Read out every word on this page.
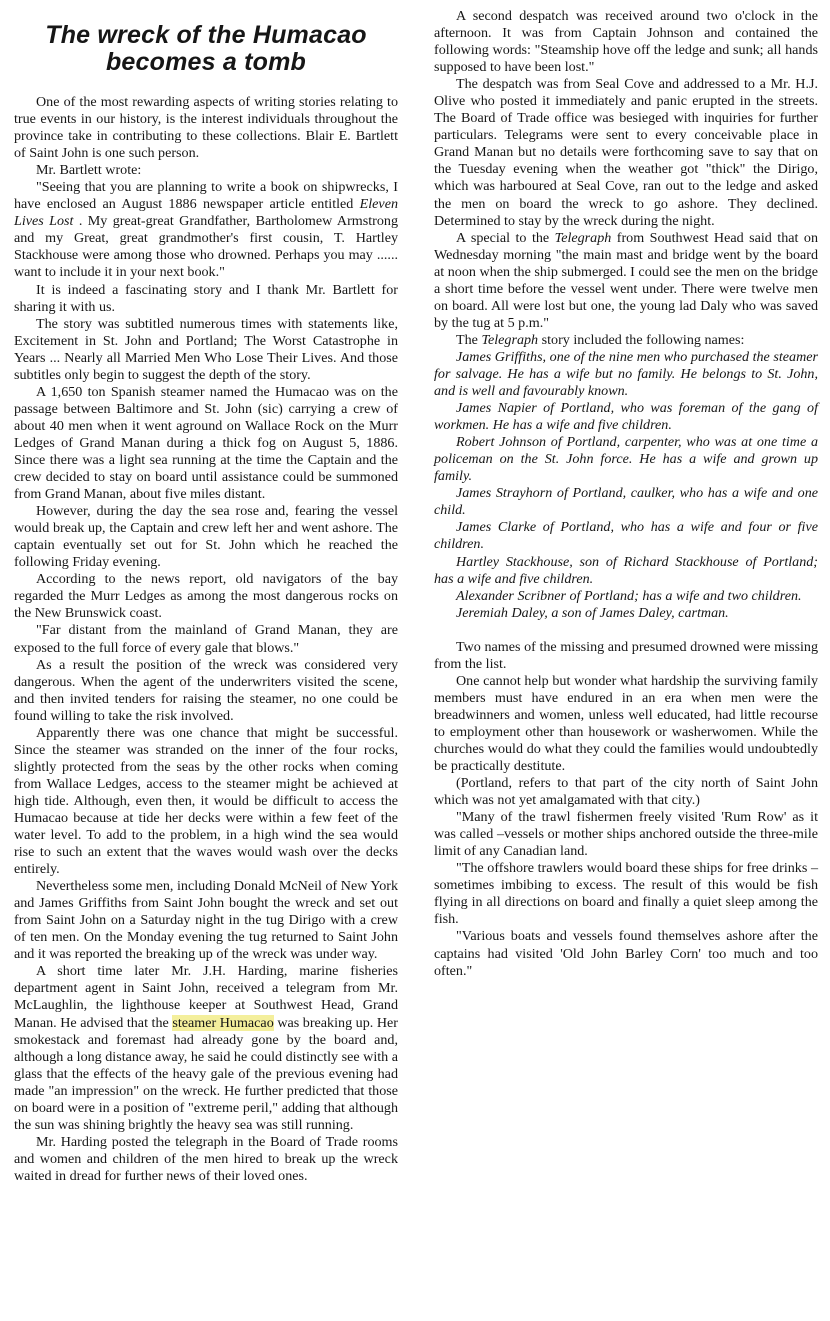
The wreck of the Humacao
becomes a tomb

One of the most rewarding aspects of writing stories relating to true events in our history, is the interest individuals throughout the province take in contributing to these collections. Blair E. Bartlett of Saint John is one such person.

Mr. Bartlett wrote:

"Seeing that you are planning to write a book on shipwrecks, I have enclosed an August 1886 newspaper article entitled Eleven Lives Lost . My great-great Grandfather, Bartholomew Armstrong and my Great, great grandmother's first cousin, T. Hartley Stackhouse were among those who drowned. Perhaps you may ...... want to include it in your next book."

It is indeed a fascinating story and I thank Mr. Bartlett for sharing it with us.

The story was subtitled numerous times with statements like, Excitement in St. John and Portland; The Worst Catastrophe in Years ... Nearly all Married Men Who Lose Their Lives. And those subtitles only begin to suggest the depth of the story.

A 1,650 ton Spanish steamer named the Humacao was on the passage between Baltimore and St. John (sic) carrying a crew of about 40 men when it went aground on Wallace Rock on the Murr Ledges of Grand Manan during a thick fog on August 5, 1886. Since there was a light sea running at the time the Captain and the crew decided to stay on board until assistance could be summoned from Grand Manan, about five miles distant.

However, during the day the sea rose and, fearing the vessel would break up, the Captain and crew left her and went ashore. The captain eventually set out for St. John which he reached the following Friday evening.

According to the news report, old navigators of the bay regarded the Murr Ledges as among the most dangerous rocks on the New Brunswick coast.

"Far distant from the mainland of Grand Manan, they are exposed to the full force of every gale that blows."

As a result the position of the wreck was considered very dangerous. When the agent of the underwriters visited the scene, and then invited tenders for raising the steamer, no one could be found willing to take the risk involved.

Apparently there was one chance that might be successful. Since the steamer was stranded on the inner of the four rocks, slightly protected from the seas by the other rocks when coming from Wallace Ledges, access to the steamer might be achieved at high tide. Although, even then, it would be difficult to access the Humacao because at tide her decks were within a few feet of the water level. To add to the problem, in a high wind the sea would rise to such an extent that the waves would wash over the decks entirely.

Nevertheless some men, including Donald McNeil of New York and James Griffiths from Saint John bought the wreck and set out from Saint John on a Saturday night in the tug Dirigo with a crew of ten men. On the Monday evening the tug returned to Saint John and it was reported the breaking up of the wreck was under way.

A short time later Mr. J.H. Harding, marine fisheries department agent in Saint John, received a telegram from Mr. McLaughlin, the lighthouse keeper at Southwest Head, Grand Manan. He advised that the steamer Humacao was breaking up. Her smokestack and foremast had already gone by the board and, although a long distance away, he said he could distinctly see with a glass that the effects of the heavy gale of the previous evening had made "an impression" on the wreck. He further predicted that those on board were in a position of "extreme peril," adding that although the sun was shining brightly the heavy sea was still running.

Mr. Harding posted the telegraph in the Board of Trade rooms and women and children of the men hired to break up the wreck waited in dread for further news of their loved ones.

A second despatch was received around two o'clock in the afternoon. It was from Captain Johnson and contained the following words: "Steamship hove off the ledge and sunk; all hands supposed to have been lost."

The despatch was from Seal Cove and addressed to a Mr. H.J. Olive who posted it immediately and panic erupted in the streets. The Board of Trade office was besieged with inquiries for further particulars. Telegrams were sent to every conceivable place in Grand Manan but no details were forthcoming save to say that on the Tuesday evening when the weather got "thick" the Dirigo, which was harboured at Seal Cove, ran out to the ledge and asked the men on board the wreck to go ashore. They declined. Determined to stay by the wreck during the night.

A special to the Telegraph from Southwest Head said that on Wednesday morning "the main mast and bridge went by the board at noon when the ship submerged. I could see the men on the bridge a short time before the vessel went under. There were twelve men on board. All were lost but one, the young lad Daly who was saved by the tug at 5 p.m."

The Telegraph story included the following names:

James Griffiths, one of the nine men who purchased the steamer for salvage. He has a wife but no family. He belongs to St. John, and is well and favourably known.

James Napier of Portland, who was foreman of the gang of workmen. He has a wife and five children.

Robert Johnson of Portland, carpenter, who was at one time a policeman on the St. John force. He has a wife and grown up family.

James Strayhorn of Portland, caulker, who has a wife and one child.

James Clarke of Portland, who has a wife and four or five children.

Hartley Stackhouse, son of Richard Stackhouse of Portland; has a wife and five children.

Alexander Scribner of Portland; has a wife and two children.

Jeremiah Daley, a son of James Daley, cartman.

Two names of the missing and presumed drowned were missing from the list.

One cannot help but wonder what hardship the surviving family members must have endured in an era when men were the breadwinners and women, unless well educated, had little recourse to employment other than housework or washerwomen. While the churches would do what they could the families would undoubtedly be practically destitute.

(Portland, refers to that part of the city north of Saint John which was not yet amalgamated with that city.)

"Many of the trawl fishermen freely visited 'Rum Row' as it was called –vessels or mother ships anchored outside the three-mile limit of any Canadian land.

"The offshore trawlers would board these ships for free drinks –sometimes imbibing to excess. The result of this would be fish flying in all directions on board and finally a quiet sleep among the fish.

"Various boats and vessels found themselves ashore after the captains had visited 'Old John Barley Corn' too much and too often."
